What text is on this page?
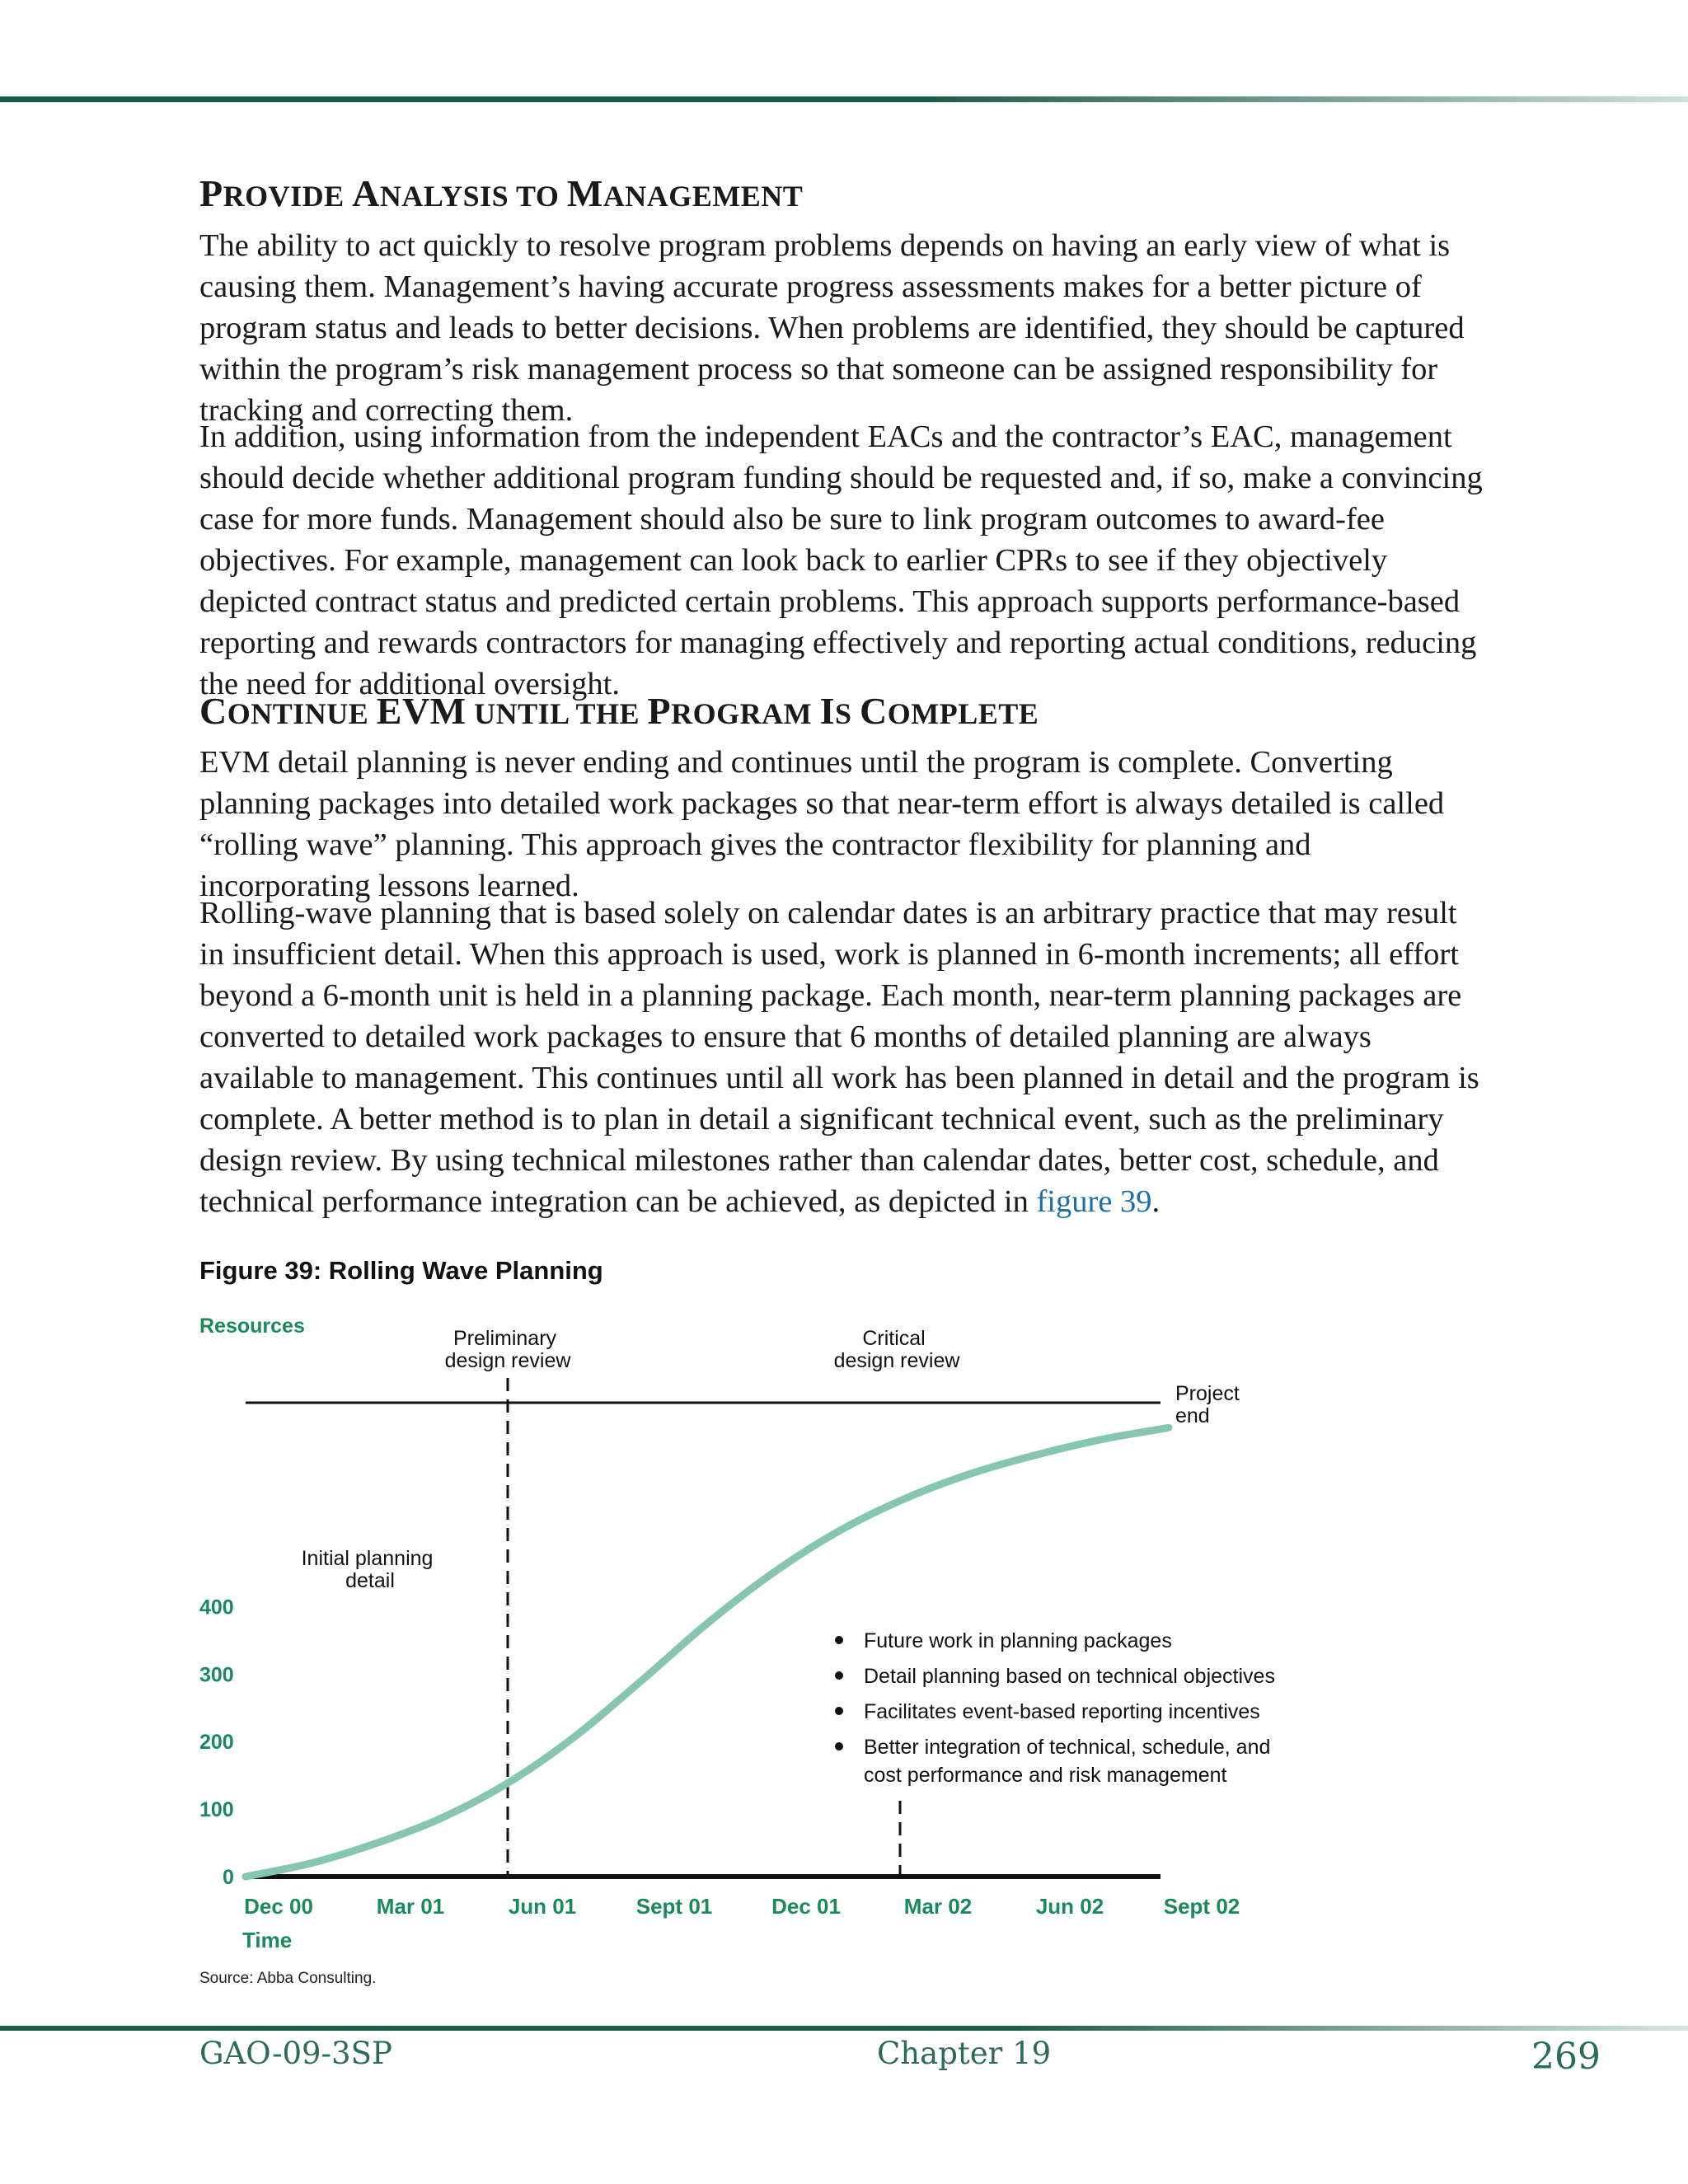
PROVIDE ANALYSIS TO MANAGEMENT

The ability to act quickly to resolve program problems depends on having an early view of what is causing them. Management’s having accurate progress assessments makes for a better picture of program status and leads to better decisions. When problems are identified, they should be captured within the program’s risk management process so that someone can be assigned responsibility for tracking and correcting them.

In addition, using information from the independent EACs and the contractor’s EAC, management should decide whether additional program funding should be requested and, if so, make a convincing case for more funds. Management should also be sure to link program outcomes to award-fee objectives. For example, management can look back to earlier CPRs to see if they objectively depicted contract status and predicted certain problems. This approach supports performance-based reporting and rewards contractors for managing effectively and reporting actual conditions, reducing the need for additional oversight.

CONTINUE EVM UNTIL THE PROGRAM IS COMPLETE

EVM detail planning is never ending and continues until the program is complete. Converting planning packages into detailed work packages so that near-term effort is always detailed is called “rolling wave” planning. This approach gives the contractor flexibility for planning and incorporating lessons learned.

Rolling-wave planning that is based solely on calendar dates is an arbitrary practice that may result in insufficient detail. When this approach is used, work is planned in 6-month increments; all effort beyond a 6-month unit is held in a planning package. Each month, near-term planning packages are converted to detailed work packages to ensure that 6 months of detailed planning are always available to management. This continues until all work has been planned in detail and the program is complete. A better method is to plan in detail a significant technical event, such as the preliminary design review. By using technical milestones rather than calendar dates, better cost, schedule, and technical performance integration can be achieved, as depicted in figure 39.

Figure 39: Rolling Wave Planning
Resources
Time
Preliminary design review
Critical design review
Project end
Initial planning detail
Future work in planning packages
Detail planning based on technical objectives
Facilitates event-based reporting incentives
Better integration of technical, schedule, and
cost performance and risk management
0
100
200
300
400
Dec 00	Mar 01	Jun 01	Sept 01	Dec 01	Mar 02	Jun 02	Sept 02
Source: Abba Consulting.
GAO-09-3SP	Chapter 19	269
